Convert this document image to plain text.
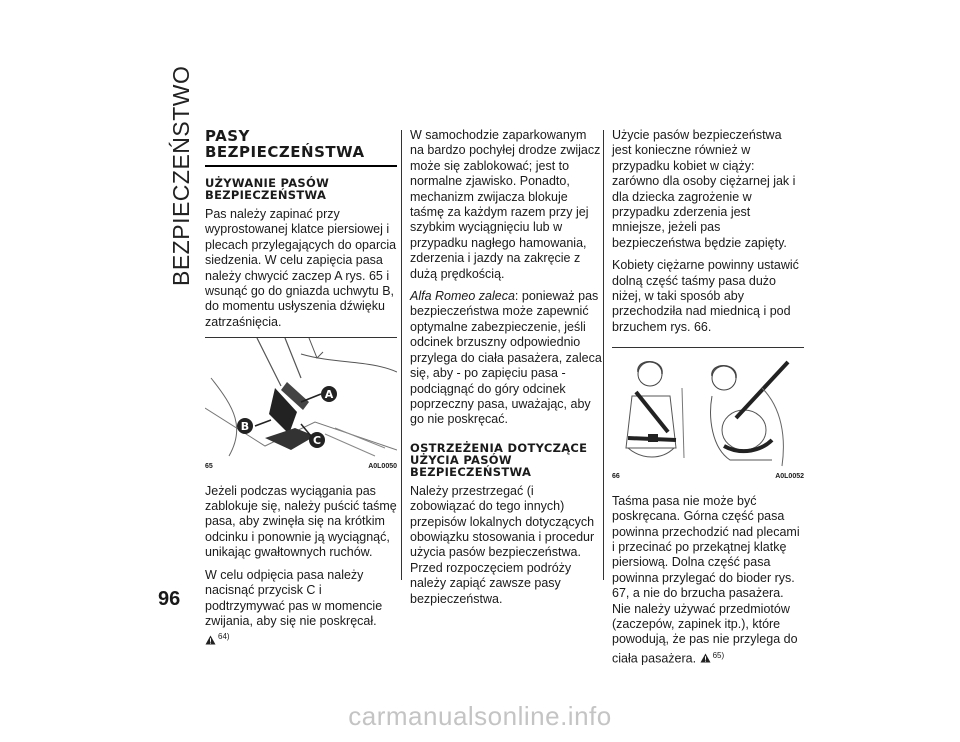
BEZPIECZEŃSTWO
96
PASY BEZPIECZEŃSTWA
UŻYWANIE PASÓW BEZPIECZEŃSTWA

Pas należy zapinać przy wyprostowanej klatce piersiowej i plecach przylegających do oparcia siedzenia. W celu zapięcia pasa należy chwycić zaczep A rys. 65 i wsunąć go do gniazda uchwytu B, do momentu usłyszenia dźwięku zatrzaśnięcia.

A
B
C
65	A0L0050

Jeżeli podczas wyciągania pas zablokuje się, należy puścić taśmę pasa, aby zwinęła się na krótkim odcinku i ponownie ją wyciągnąć, unikając gwałtownych ruchów.

W celu odpięcia pasa należy nacisnąć przycisk C i podtrzymywać pas w momencie zwijania, aby się nie poskręcał.
64)

W samochodzie zaparkowanym na bardzo pochyłej drodze zwijacz może się zablokować; jest to normalne zjawisko. Ponadto, mechanizm zwijacza blokuje taśmę za każdym razem przy jej szybkim wyciągnięciu lub w przypadku nagłego hamowania, zderzenia i jazdy na zakręcie z dużą prędkością.

Alfa Romeo zaleca: ponieważ pas bezpieczeństwa może zapewnić optymalne zabezpieczenie, jeśli odcinek brzuszny odpowiednio przylega do ciała pasażera, zaleca się, aby - po zapięciu pasa - podciągnąć do góry odcinek poprzeczny pasa, uważając, aby go nie poskręcać.

OSTRZEŻENIA DOTYCZĄCE UŻYCIA PASÓW BEZPIECZEŃSTWA

Należy przestrzegać (i zobowiązać do tego innych) przepisów lokalnych dotyczących obowiązku stosowania i procedur użycia pasów bezpieczeństwa. Przed rozpoczęciem podróży należy zapiąć zawsze pasy bezpieczeństwa.

Użycie pasów bezpieczeństwa jest konieczne również w przypadku kobiet w ciąży: zarówno dla osoby ciężarnej jak i dla dziecka zagrożenie w przypadku zderzenia jest mniejsze, jeżeli pas bezpieczeństwa będzie zapięty.

Kobiety ciężarne powinny ustawić dolną część taśmy pasa dużo niżej, w taki sposób aby przechodziła nad miednicą i pod brzuchem rys. 66.

66	A0L0052

Taśma pasa nie może być poskręcana. Górna część pasa powinna przechodzić nad plecami i przecinać po przekątnej klatkę piersiową. Dolna część pasa powinna przylegać do bioder rys. 67, a nie do brzucha pasażera. Nie należy używać przedmiotów (zaczepów, zapinek itp.), które powodują, że pas nie przylega do ciała pasażera. 65)

carmanualsonline.info
